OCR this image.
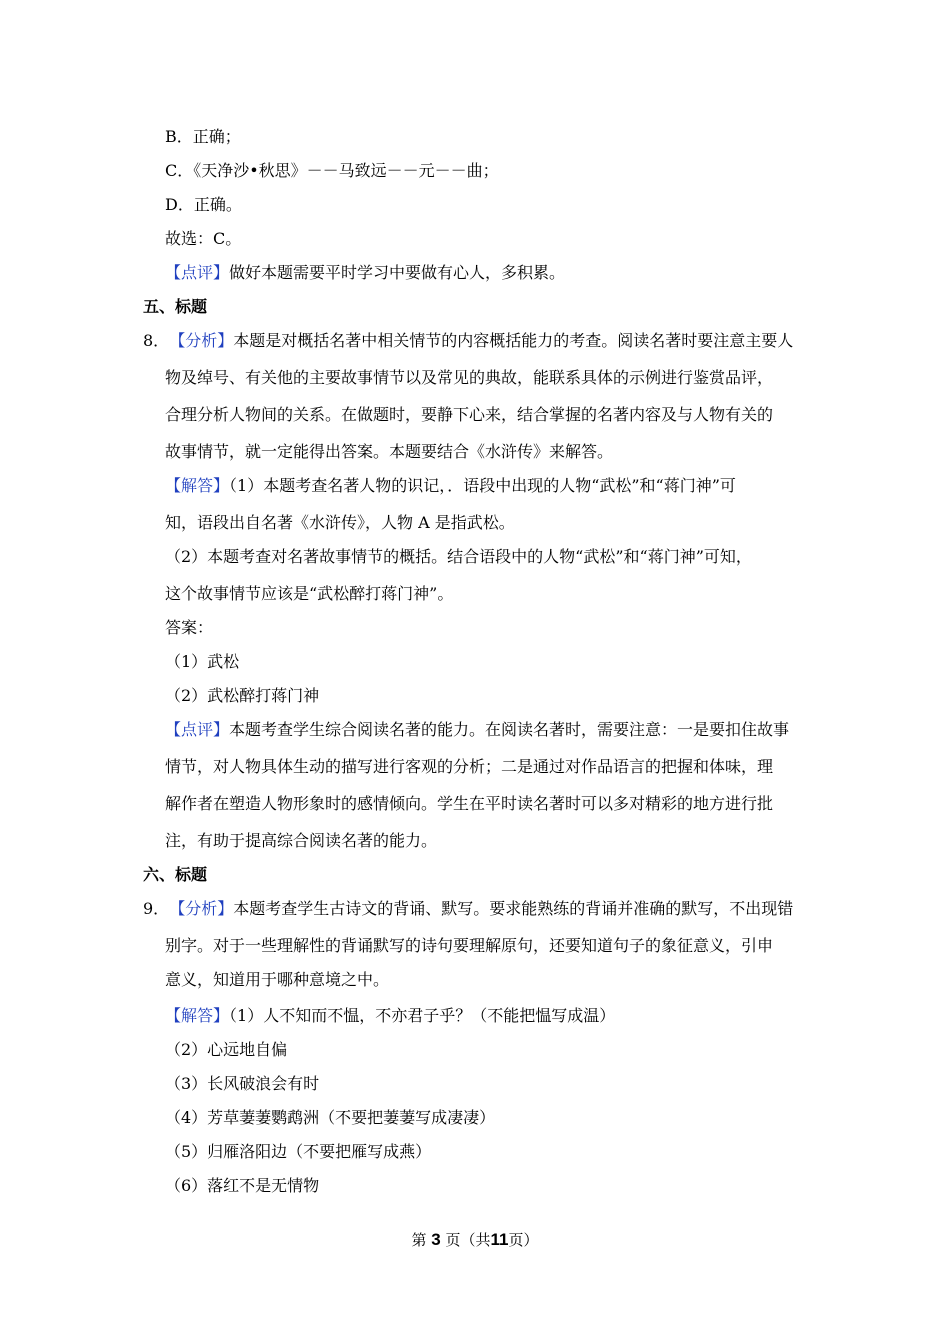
B．正确；
C．《天净沙•秋思》－－马致远－－元－－曲；
D．正确。
故选：C。
【点评】做好本题需要平时学习中要做有心人，多积累。
五、标题
8．【分析】本题是对概括名著中相关情节的内容概括能力的考查。阅读名著时要注意主要人
物及绰号、有关他的主要故事情节以及常见的典故，能联系具体的示例进行鉴赏品评，
合理分析人物间的关系。在做题时，要静下心来，结合掌握的名著内容及与人物有关的
故事情节，就一定能得出答案。本题要结合《水浒传》来解答。
【解答】（1）本题考查名著人物的识记，．语段中出现的人物“武松”和“蒋门神”可
知，语段出自名著《水浒传》，人物 A 是指武松。
（2）本题考查对名著故事情节的概括。结合语段中的人物“武松”和“蒋门神”可知，
这个故事情节应该是“武松醉打蒋门神”。
答案：
（1）武松
（2）武松醉打蒋门神
【点评】本题考查学生综合阅读名著的能力。在阅读名著时，需要注意：一是要扣住故事
情节，对人物具体生动的描写进行客观的分析；二是通过对作品语言的把握和体味，理
解作者在塑造人物形象时的感情倾向。学生在平时读名著时可以多对精彩的地方进行批
注，有助于提高综合阅读名著的能力。
六、标题
9．【分析】本题考查学生古诗文的背诵、默写。要求能熟练的背诵并准确的默写，不出现错
别字。对于一些理解性的背诵默写的诗句要理解原句，还要知道句子的象征意义，引申
意义，知道用于哪种意境之中。
【解答】（1）人不知而不愠，不亦君子乎？（不能把愠写成温）
（2）心远地自偏
（3）长风破浪会有时
（4）芳草萋萋鹦鹉洲（不要把萋萋写成凄凄）
（5）归雁洛阳边（不要把雁写成燕）
（6）落红不是无情物
第 3 页（共11页）
